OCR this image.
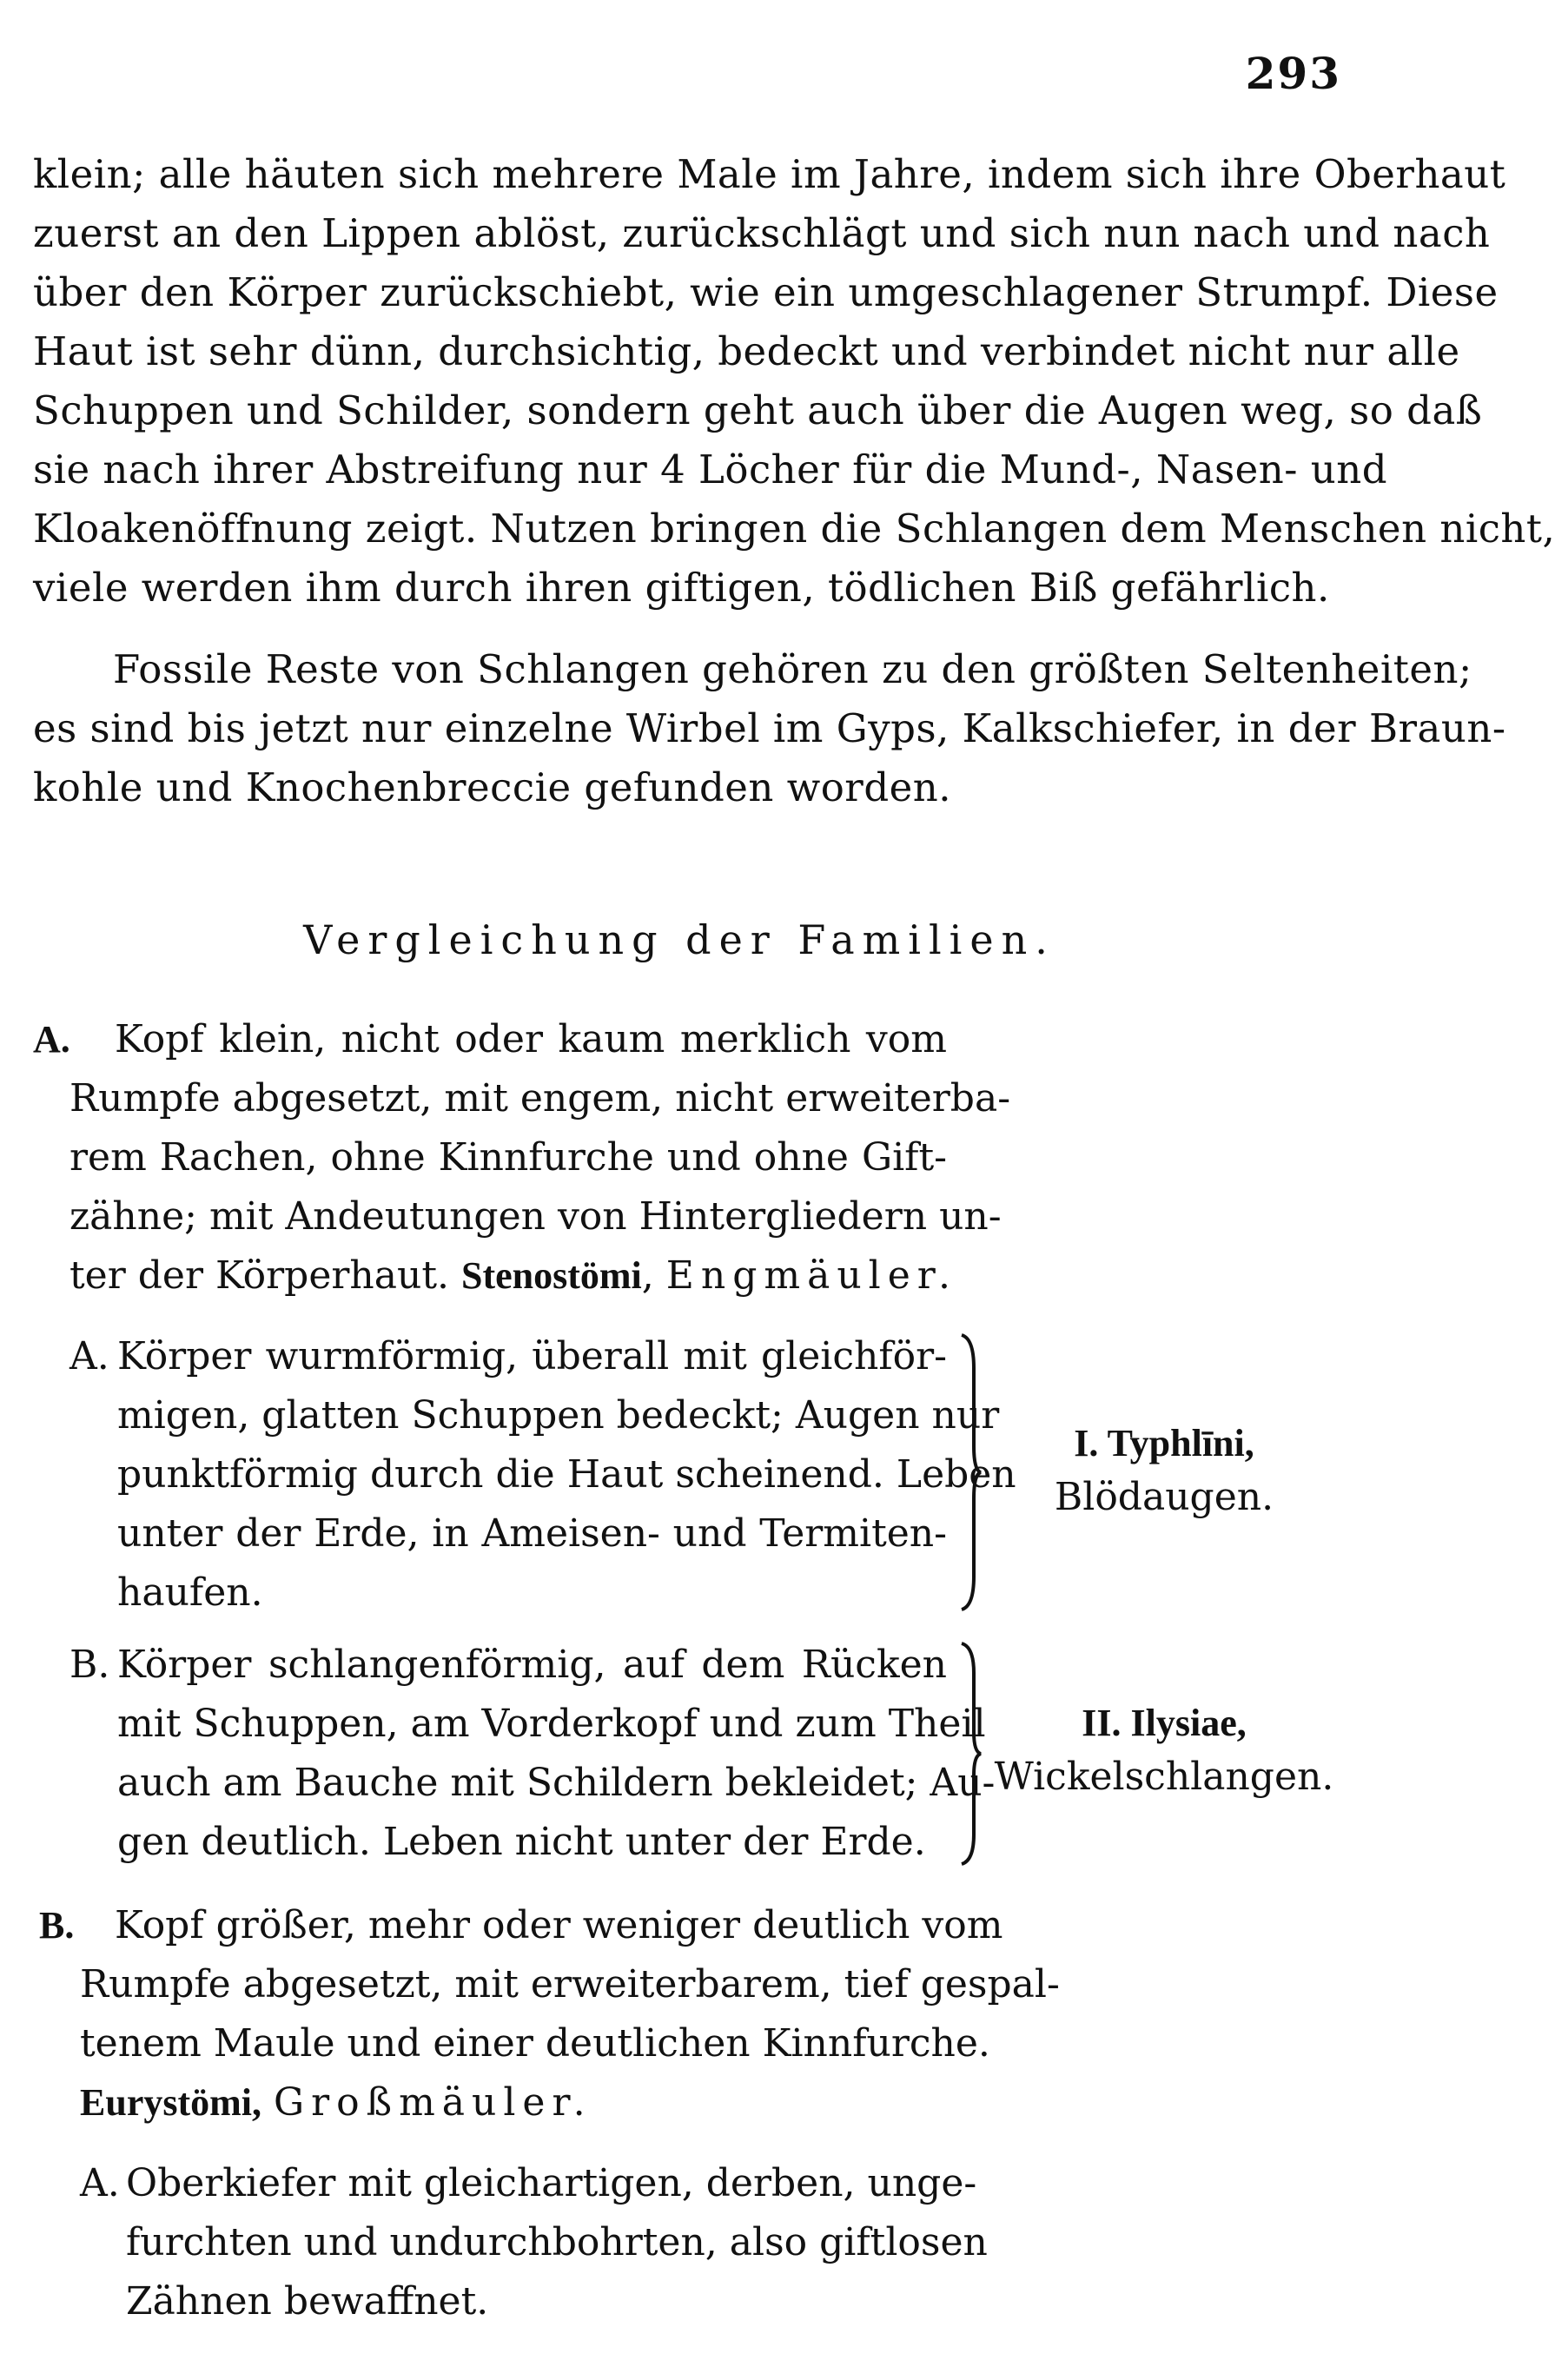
293
klein; alle häuten sich mehrere Male im Jahre, indem sich ihre Oberhaut
zuerst an den Lippen ablöst, zurückschlägt und sich nun nach und nach
über den Körper zurückschiebt, wie ein umgeschlagener Strumpf. Diese
Haut ist sehr dünn, durchsichtig, bedeckt und verbindet nicht nur alle
Schuppen und Schilder, sondern geht auch über die Augen weg, so daß
sie nach ihrer Abstreifung nur 4 Löcher für die Mund-, Nasen- und
Kloakenöffnung zeigt. Nutzen bringen die Schlangen dem Menschen nicht,
viele werden ihm durch ihren giftigen, tödlichen Biß gefährlich.
Fossile Reste von Schlangen gehören zu den größten Seltenheiten;
es sind bis jetzt nur einzelne Wirbel im Gyps, Kalkschiefer, in der Braun-
kohle und Knochenbreccie gefunden worden.
Vergleichung der Familien.
A. Kopf klein, nicht oder kaum merklich vom
Rumpfe abgesetzt, mit engem, nicht erweiterba-
rem Rachen, ohne Kinnfurche und ohne Gift-
zähne; mit Andeutungen von Hintergliedern un-
ter der Körperhaut. Stenostömi, Engmäuler.
A. Körper wurmförmig, überall mit gleichför-
migen, glatten Schuppen bedeckt; Augen nur
punktförmig durch die Haut scheinend. Leben
unter der Erde, in Ameisen- und Termiten-
haufen.
I. Typhlīni,
Blödaugen.
B. Körper schlangenförmig, auf dem Rücken
mit Schuppen, am Vorderkopf und zum Theil
auch am Bauche mit Schildern bekleidet; Au-
gen deutlich. Leben nicht unter der Erde.
II. Ilysiae,
Wickelschlangen.
B. Kopf größer, mehr oder weniger deutlich vom
Rumpfe abgesetzt, mit erweiterbarem, tief gespal-
tenem Maule und einer deutlichen Kinnfurche.
Eurystömi, Großmäuler.
A. Oberkiefer mit gleichartigen, derben, unge-
furchten und undurchbohrten, also giftlosen
Zähnen bewaffnet.
